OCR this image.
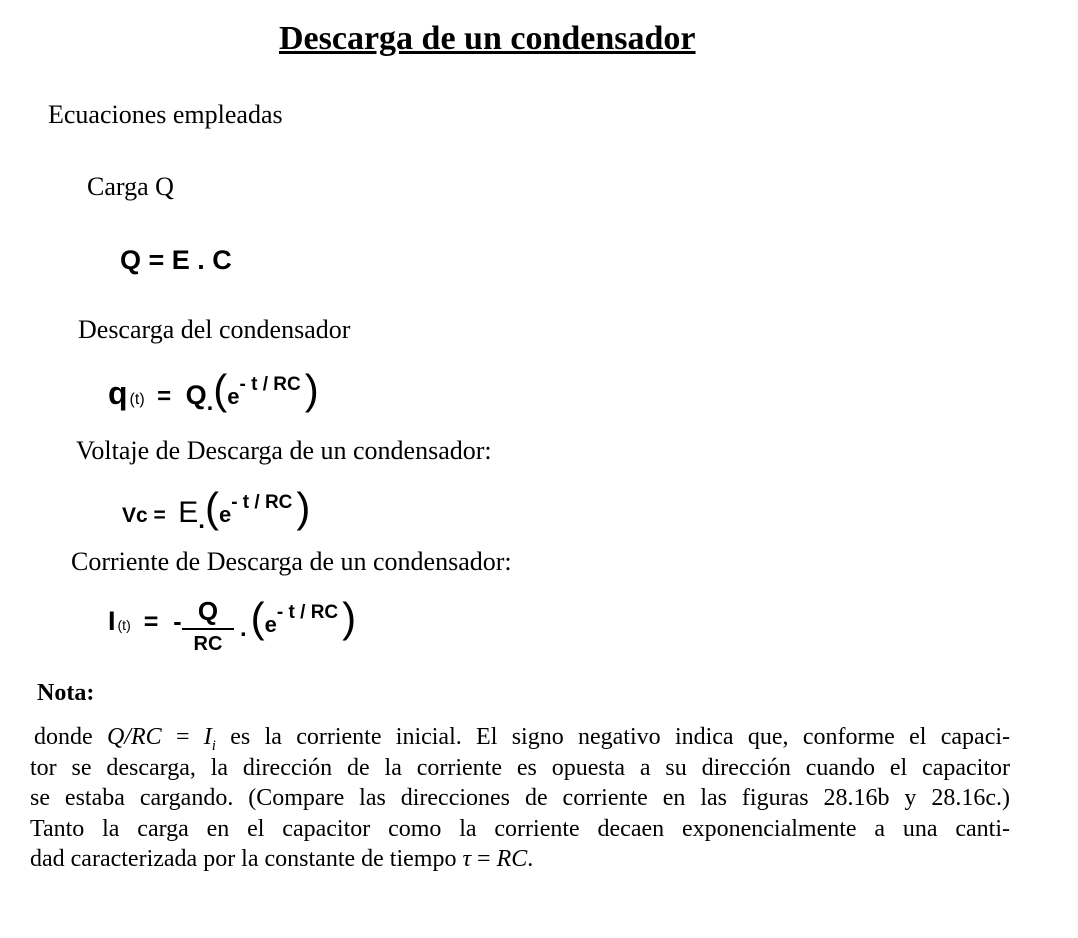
Descarga de un condensador
Ecuaciones empleadas
Carga Q
Q = E . C
Descarga del condensador
q (t) = Q.(e- t / RC)
Voltaje de Descarga de un condensador:
Vc = E.(e- t / RC)
Corriente de Descarga de un condensador:
I (t) = - Q
RC
.(e- t / RC)
Nota:
donde $Q/RC = I_i$ es la corriente inicial. El signo negativo indica que, conforme el capaci-
tor se descarga, la dirección de la corriente es opuesta a su dirección cuando el capacitor
se estaba cargando. (Compare las direcciones de corriente en las figuras 28.16b y 28.16c.)
Tanto la carga en el capacitor como la corriente decaen exponencialmente a una canti-
dad caracterizada por la constante de tiempo τ = RC.
